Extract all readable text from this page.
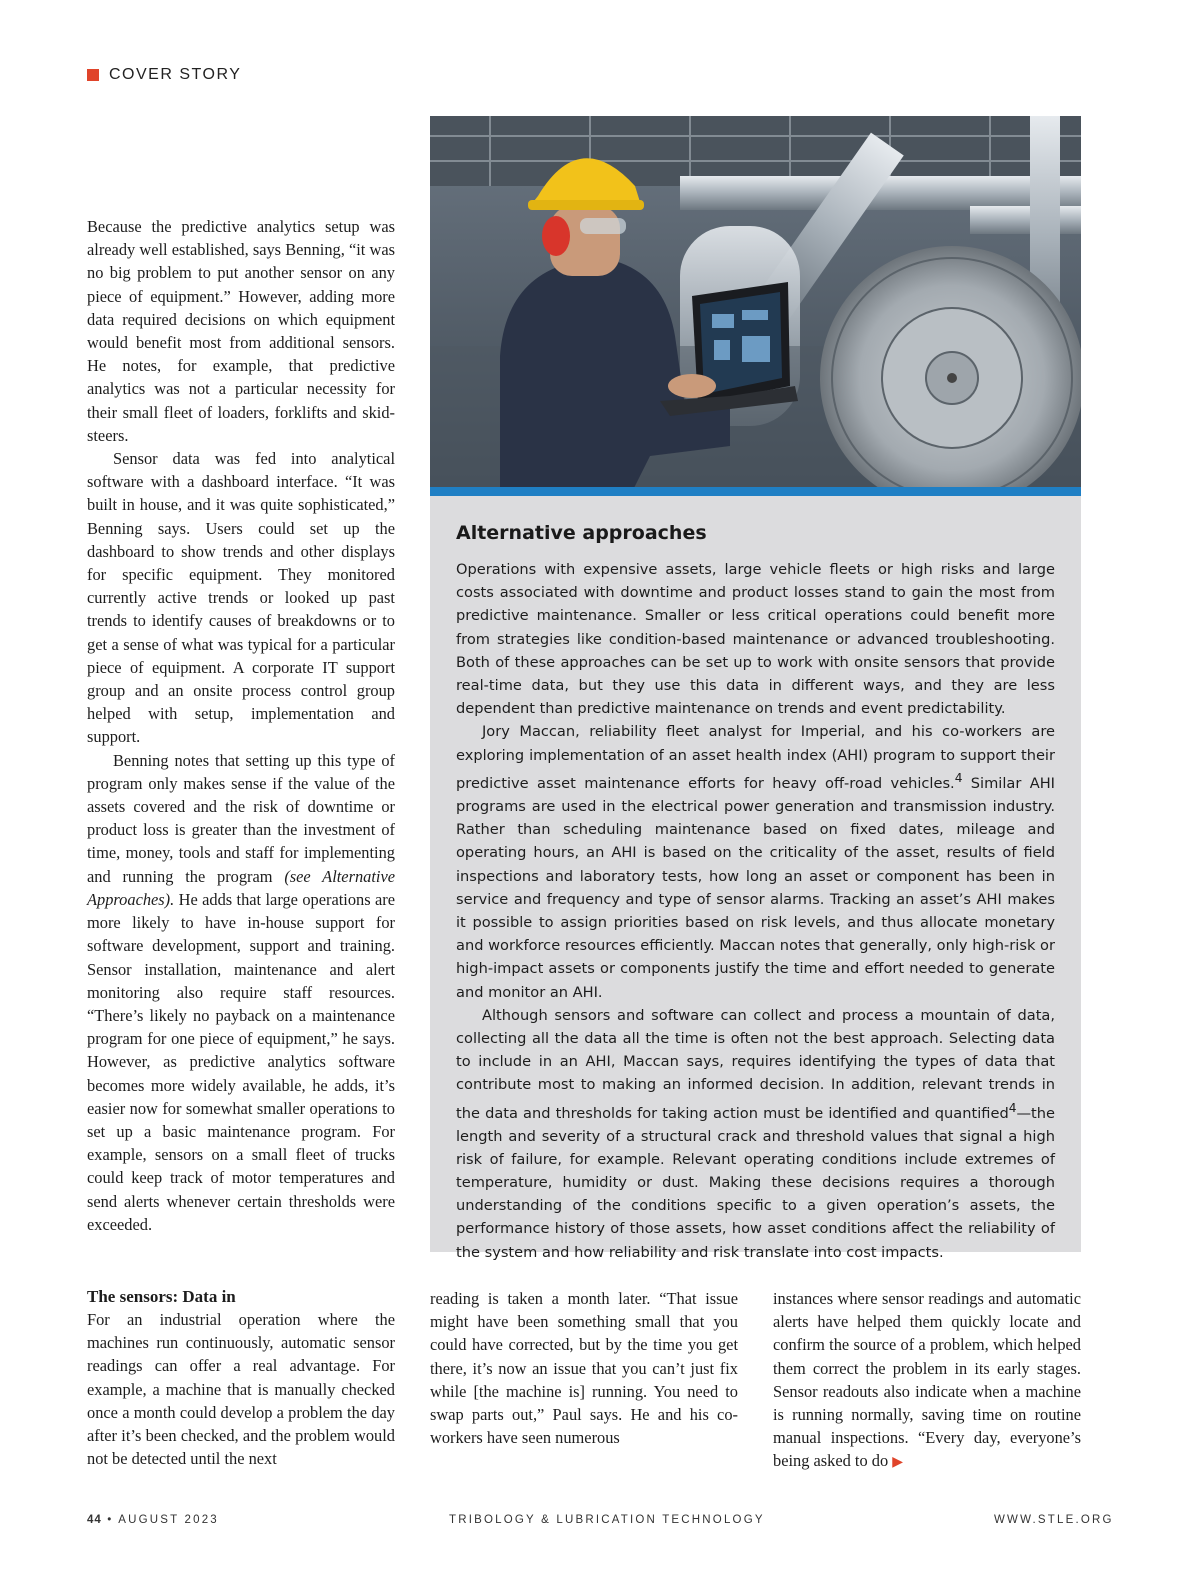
COVER STORY

Because the predictive analytics setup was already well established, says Benning, “it was no big problem to put another sensor on any piece of equipment.” However, adding more data required decisions on which equipment would benefit most from additional sensors. He notes, for example, that predictive analytics was not a particular necessity for their small fleet of loaders, forklifts and skid-steers.

Sensor data was fed into analytical software with a dashboard interface. “It was built in house, and it was quite sophisticated,” Benning says. Users could set up the dashboard to show trends and other displays for specific equipment. They monitored currently active trends or looked up past trends to identify causes of breakdowns or to get a sense of what was typical for a particular piece of equipment. A corporate IT support group and an onsite process control group helped with setup, implementation and support.

Benning notes that setting up this type of program only makes sense if the value of the assets covered and the risk of downtime or product loss is greater than the investment of time, money, tools and staff for implementing and running the program (see Alternative Approaches). He adds that large operations are more likely to have in-house support for software development, support and training. Sensor installation, maintenance and alert monitoring also require staff resources. “There’s likely no payback on a maintenance program for one piece of equipment,” he says. However, as predictive analytics software becomes more widely available, he adds, it’s easier now for somewhat smaller operations to set up a basic maintenance program. For example, sensors on a small fleet of trucks could keep track of motor temperatures and send alerts whenever certain thresholds were exceeded.

Alternative approaches

Operations with expensive assets, large vehicle fleets or high risks and large costs associated with downtime and product losses stand to gain the most from predictive maintenance. Smaller or less critical operations could benefit more from strategies like condition-based maintenance or advanced troubleshooting. Both of these approaches can be set up to work with onsite sensors that provide real-time data, but they use this data in different ways, and they are less dependent than predictive maintenance on trends and event predictability.

Jory Maccan, reliability fleet analyst for Imperial, and his co-workers are exploring implementation of an asset health index (AHI) program to support their predictive asset maintenance efforts for heavy off-road vehicles.$^4$ Similar AHI programs are used in the electrical power generation and transmission industry. Rather than scheduling maintenance based on fixed dates, mileage and operating hours, an AHI is based on the criticality of the asset, results of field inspections and laboratory tests, how long an asset or component has been in service and frequency and type of sensor alarms. Tracking an asset’s AHI makes it possible to assign priorities based on risk levels, and thus allocate monetary and workforce resources efficiently. Maccan notes that generally, only high-risk or high-impact assets or components justify the time and effort needed to generate and monitor an AHI.

Although sensors and software can collect and process a mountain of data, collecting all the data all the time is often not the best approach. Selecting data to include in an AHI, Maccan says, requires identifying the types of data that contribute most to making an informed decision. In addition, relevant trends in the data and thresholds for taking action must be identified and quantified$^4$—the length and severity of a structural crack and threshold values that signal a high risk of failure, for example. Relevant operating conditions include extremes of temperature, humidity or dust. Making these decisions requires a thorough understanding of the conditions specific to a given operation’s assets, the performance history of those assets, how asset conditions affect the reliability of the system and how reliability and risk translate into cost impacts.

The sensors: Data in

For an industrial operation where the machines run continuously, automatic sensor readings can offer a real advantage. For example, a machine that is manually checked once a month could develop a problem the day after it’s been checked, and the problem would not be detected until the next

reading is taken a month later. “That issue might have been something small that you could have corrected, but by the time you get there, it’s now an issue that you can’t just fix while [the machine is] running. You need to swap parts out,” Paul says. He and his co-workers have seen numerous

instances where sensor readings and automatic alerts have helped them quickly locate and confirm the source of a problem, which helped them correct the problem in its early stages. Sensor readouts also indicate when a machine is running normally, saving time on routine manual inspections. “Every day, everyone’s being asked to do ▶

44 • AUGUST 2023	TRIBOLOGY & LUBRICATION TECHNOLOGY	WWW.STLE.ORG
